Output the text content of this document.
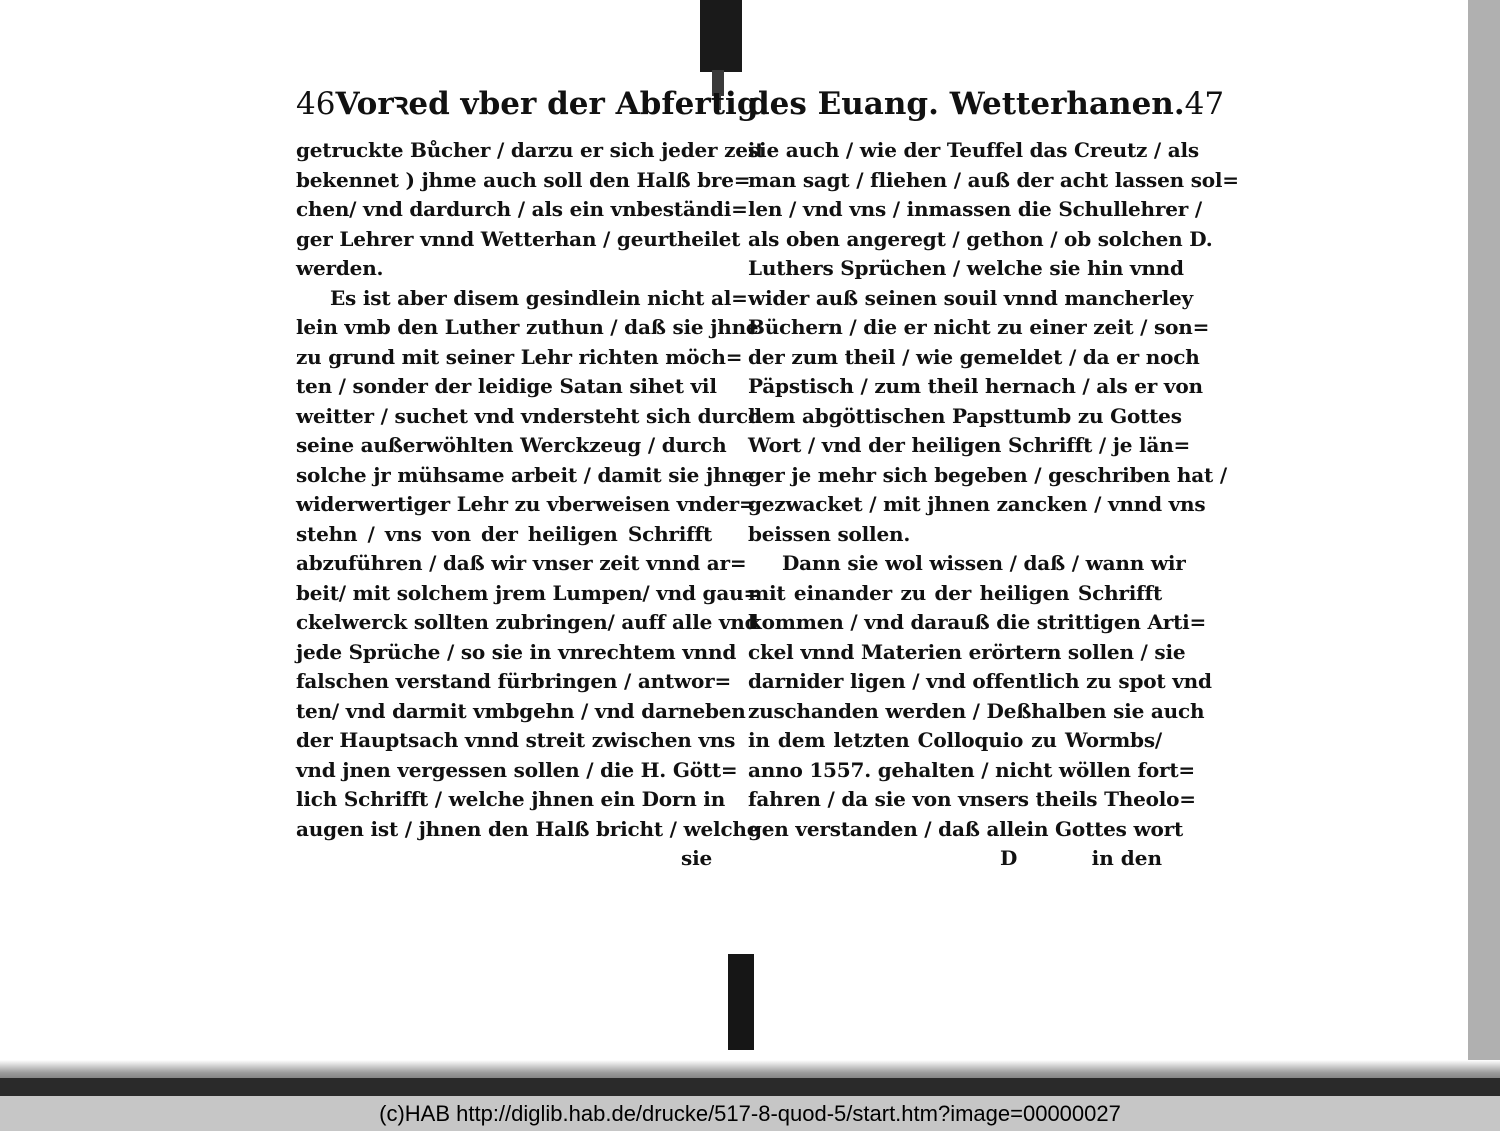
46 Vorꝛed vber der Abfertig.
getruckte Bůcher / darzu er sich jeder zeit
bekennet ) jhme auch soll den Halß bre=
chen/ vnd dardurch / als ein vnbeständi=
ger Lehrer vnnd Wetterhan / geurtheilet
werden.
Es ist aber disem gesindlein nicht al=
lein vmb den Luther zuthun / daß sie jhne
zu grund mit seiner Lehr richten möch=
ten / sonder der leidige Satan sihet vil
weitter / suchet vnd vndersteht sich durch
seine außerwöhlten Werckzeug / durch
solche jr mühsame arbeit / damit sie jhne
widerwertiger Lehr zu vberweisen vnder=
stehn / vns von der heiligen Schrifft
abzuführen / daß wir vnser zeit vnnd ar=
beit/ mit solchem jrem Lumpen/ vnd gau=
ckelwerck sollten zubringen/ auff alle vnd
jede Sprüche / so sie in vnrechtem vnnd
falschen verstand fürbringen / antwor=
ten/ vnd darmit vmbgehn / vnd darneben
der Hauptsach vnnd streit zwischen vns
vnd jnen vergessen sollen / die H. Gött=
lich Schrifft / welche jhnen ein Dorn in
augen ist / jhnen den Halß bricht / welche
sie
des Euang. Wetterhanen. 47
sie auch / wie der Teuffel das Creutz / als
man sagt / fliehen / auß der acht lassen sol=
len / vnd vns / inmassen die Schullehrer /
als oben angeregt / gethon / ob solchen D.
Luthers Sprüchen / welche sie hin vnnd
wider auß seinen souil vnnd mancherley
Büchern / die er nicht zu einer zeit / son=
der zum theil / wie gemeldet / da er noch
Päpstisch / zum theil hernach / als er von
dem abgöttischen Papsttumb zu Gottes
Wort / vnd der heiligen Schrifft / je län=
ger je mehr sich begeben / geschriben hat /
gezwacket / mit jhnen zancken / vnnd vns
beissen sollen.
Dann sie wol wissen / daß / wann wir
mit einander zu der heiligen Schrifft
kommen / vnd darauß die strittigen Arti=
ckel vnnd Materien erörtern sollen / sie
darnider ligen / vnd offentlich zu spot vnd
zuschanden werden / Deßhalben sie auch
in dem letzten Colloquio zu Wormbs/
anno 1557. gehalten / nicht wöllen fort=
fahren / da sie von vnsers theils Theolo=
gen verstanden / daß allein Gottes wort
D	in den
(c)HAB http://diglib.hab.de/drucke/517-8-quod-5/start.htm?image=00000027
